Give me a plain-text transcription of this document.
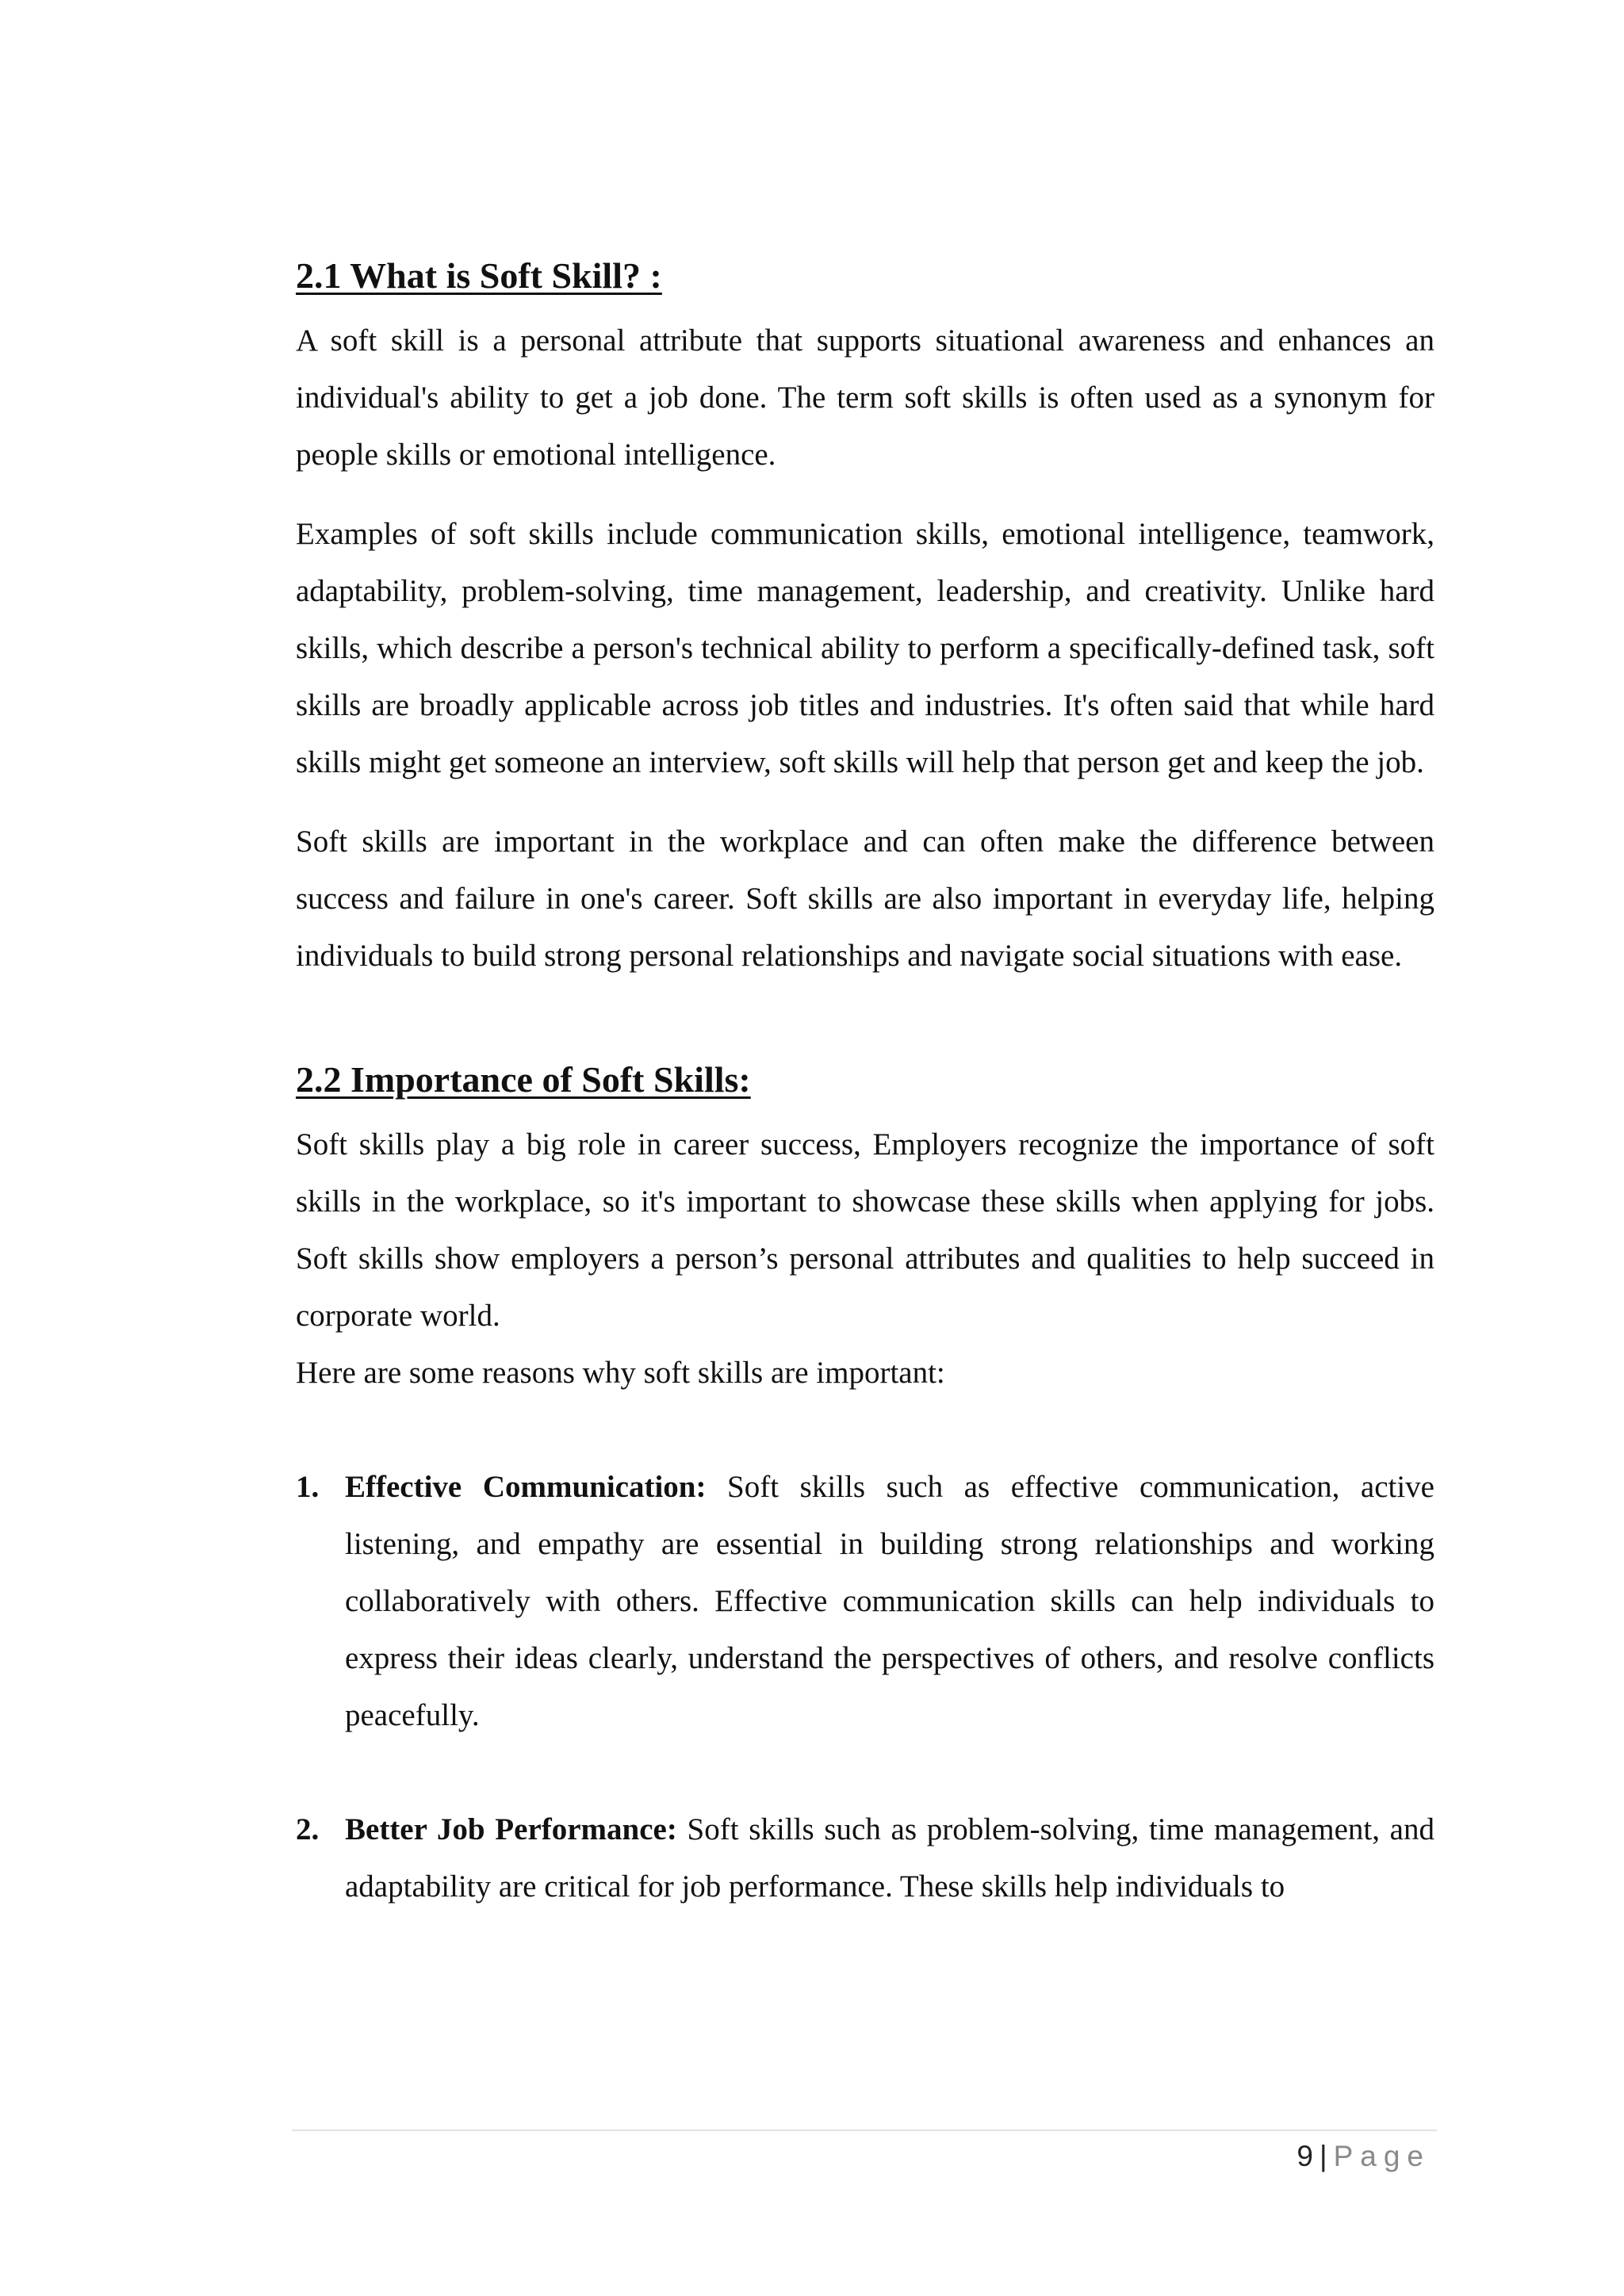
2.1 What is Soft Skill? :

A soft skill is a personal attribute that supports situational awareness and enhances an individual's ability to get a job done. The term soft skills is often used as a synonym for people skills or emotional intelligence.

Examples of soft skills include communication skills, emotional intelligence, teamwork, adaptability, problem-solving, time management, leadership, and creativity. Unlike hard skills, which describe a person's technical ability to perform a specifically-defined task, soft skills are broadly applicable across job titles and industries. It's often said that while hard skills might get someone an interview, soft skills will help that person get and keep the job.

Soft skills are important in the workplace and can often make the difference between success and failure in one's career. Soft skills are also important in everyday life, helping individuals to build strong personal relationships and navigate social situations with ease.

2.2 Importance of Soft Skills:

Soft skills play a big role in career success, Employers recognize the importance of soft skills in the workplace, so it's important to showcase these skills when applying for jobs. Soft skills show employers a person’s personal attributes and qualities to help succeed in corporate world.

Here are some reasons why soft skills are important:

1. Effective Communication: Soft skills such as effective communication, active listening, and empathy are essential in building strong relationships and working collaboratively with others. Effective communication skills can help individuals to express their ideas clearly, understand the perspectives of others, and resolve conflicts peacefully.

2. Better Job Performance: Soft skills such as problem-solving, time management, and adaptability are critical for job performance. These skills help individuals to

9 | Page
